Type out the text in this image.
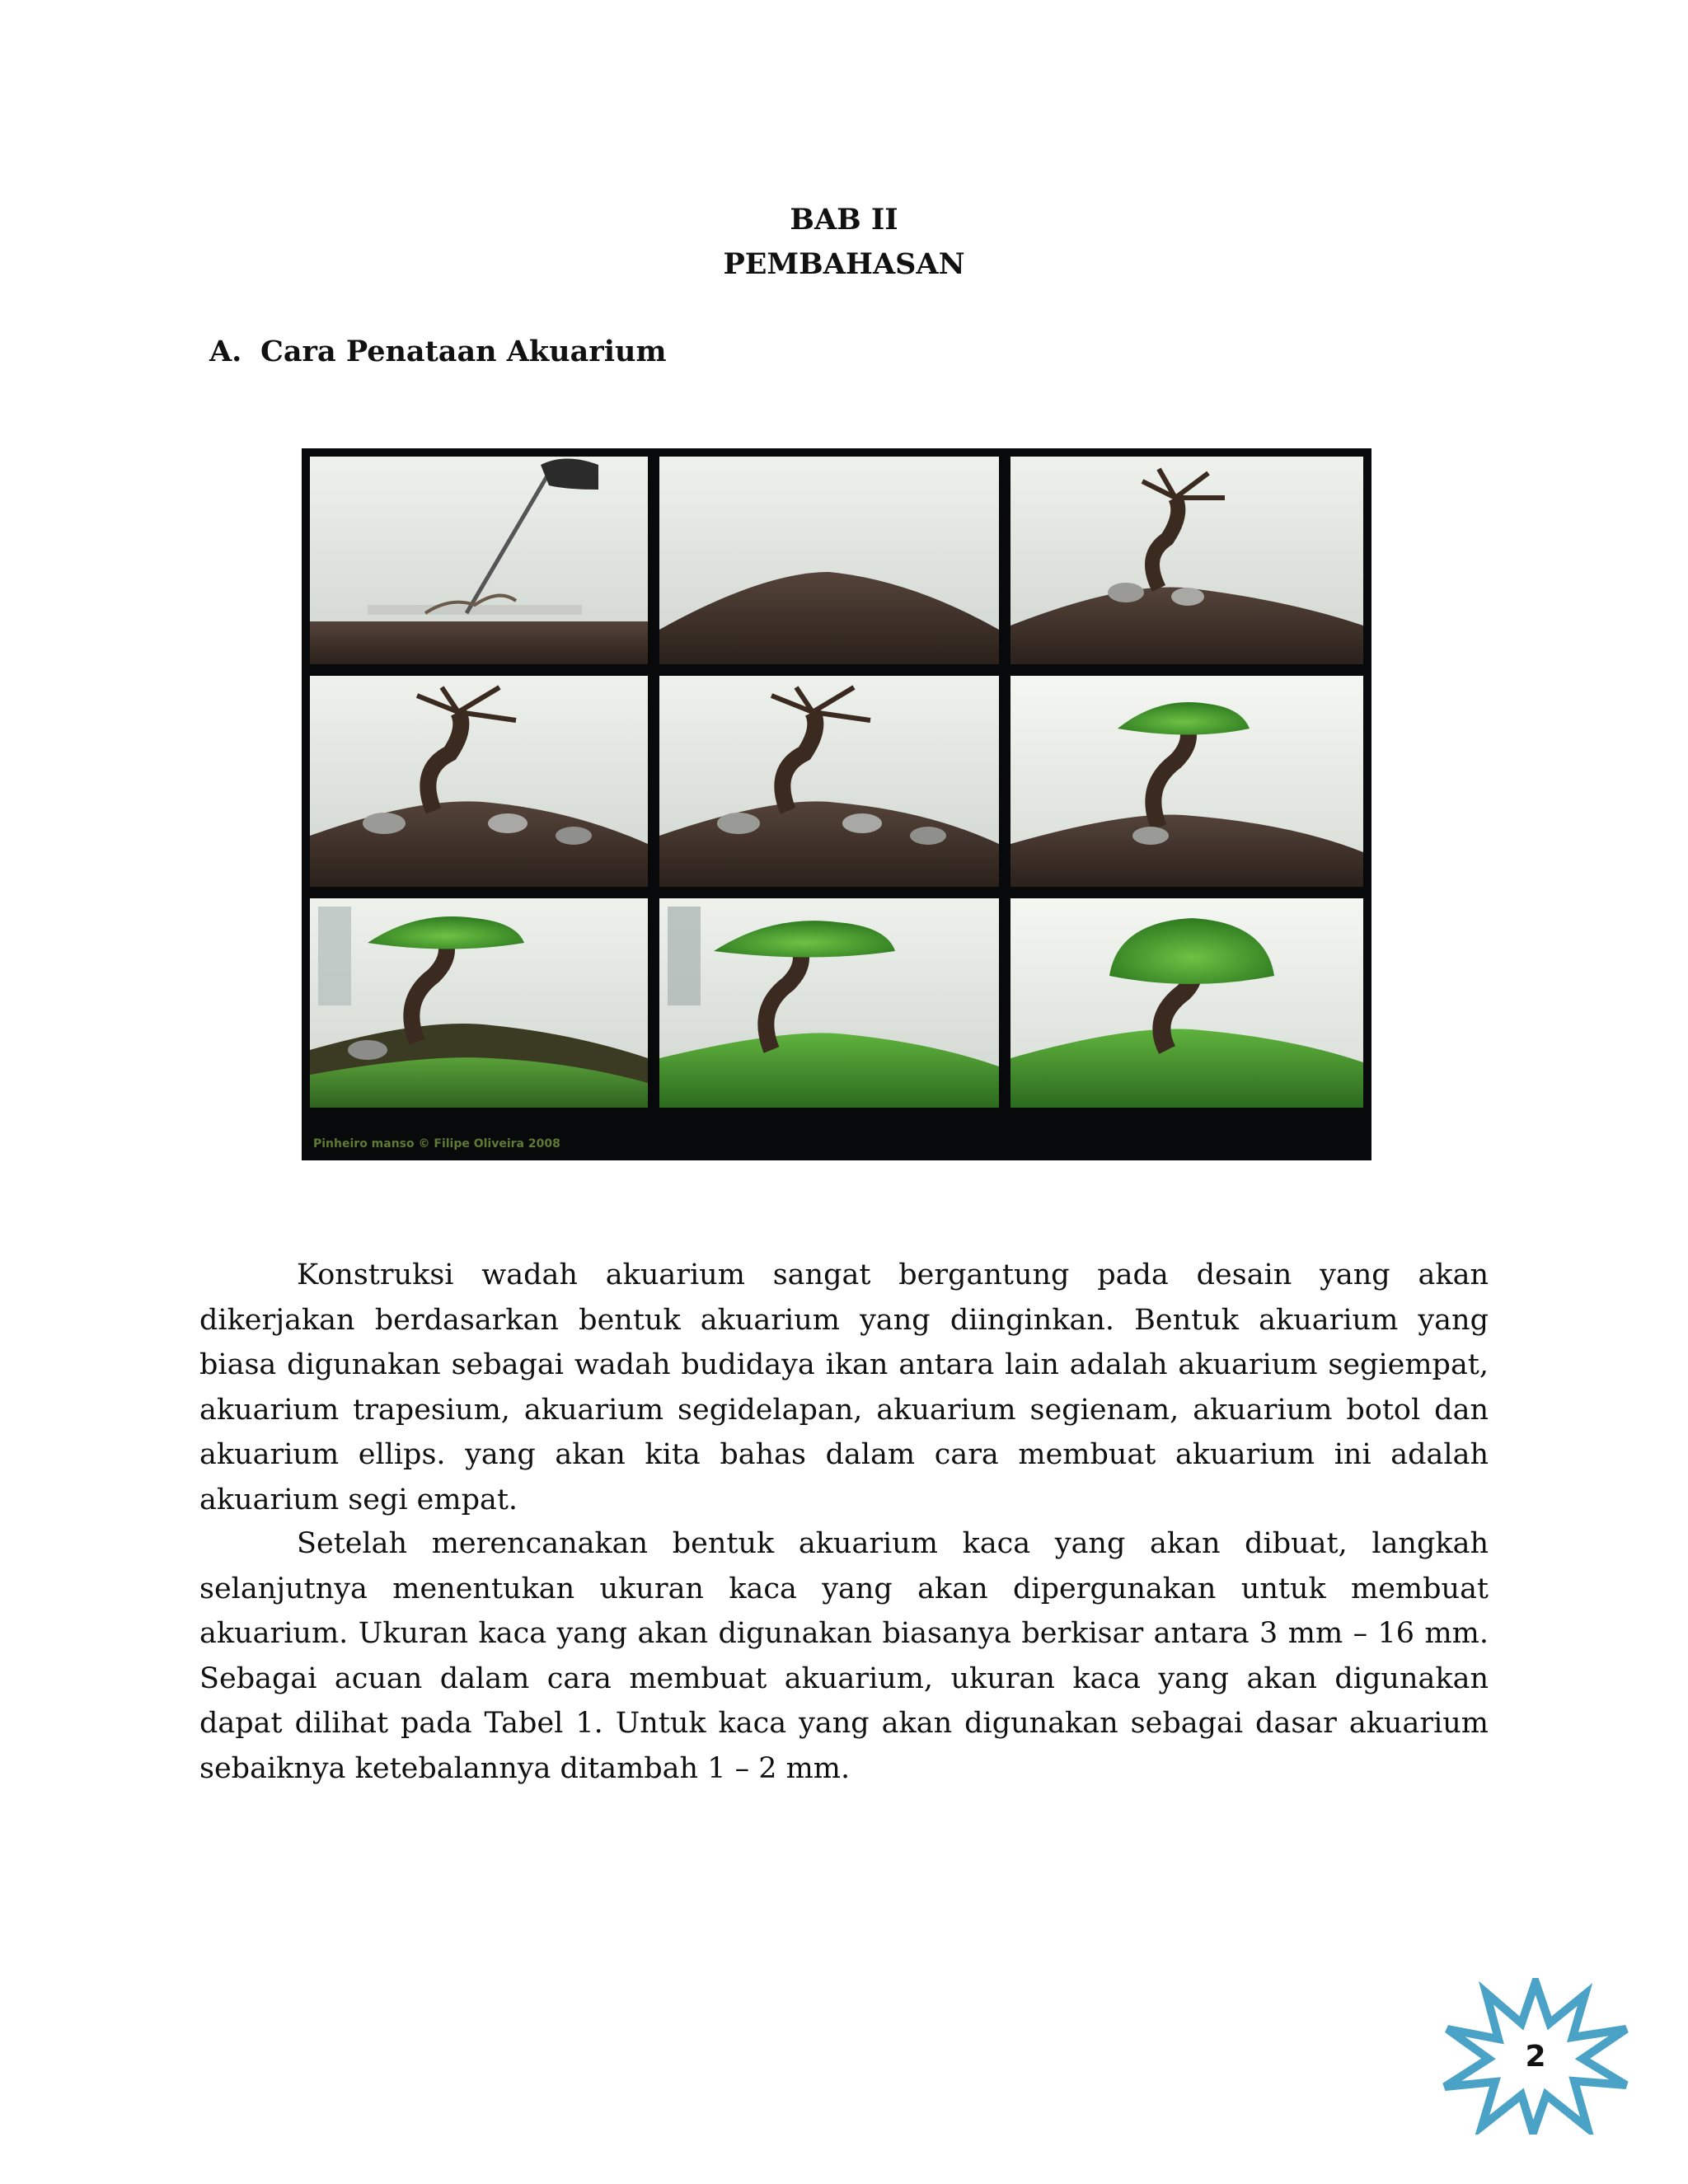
BAB II
PEMBAHASAN
A. Cara Penataan Akuarium
Pinheiro manso © Filipe Oliveira 2008

Konstruksi wadah akuarium sangat bergantung pada desain yang akan dikerjakan berdasarkan bentuk akuarium yang diinginkan. Bentuk akuarium yang biasa digunakan sebagai wadah budidaya ikan antara lain adalah akuarium segiempat, akuarium trapesium, akuarium segidelapan, akuarium segienam, akuarium botol dan akuarium ellips. yang akan kita bahas dalam cara membuat akuarium ini adalah akuarium segi empat.

Setelah merencanakan bentuk akuarium kaca yang akan dibuat, langkah selanjutnya menentukan ukuran kaca yang akan dipergunakan untuk membuat akuarium. Ukuran kaca yang akan digunakan biasanya berkisar antara 3 mm – 16 mm. Sebagai acuan dalam cara membuat akuarium, ukuran kaca yang akan digunakan dapat dilihat pada Tabel 1. Untuk kaca yang akan digunakan sebagai dasar akuarium sebaiknya ketebalannya ditambah 1 – 2 mm.

2
